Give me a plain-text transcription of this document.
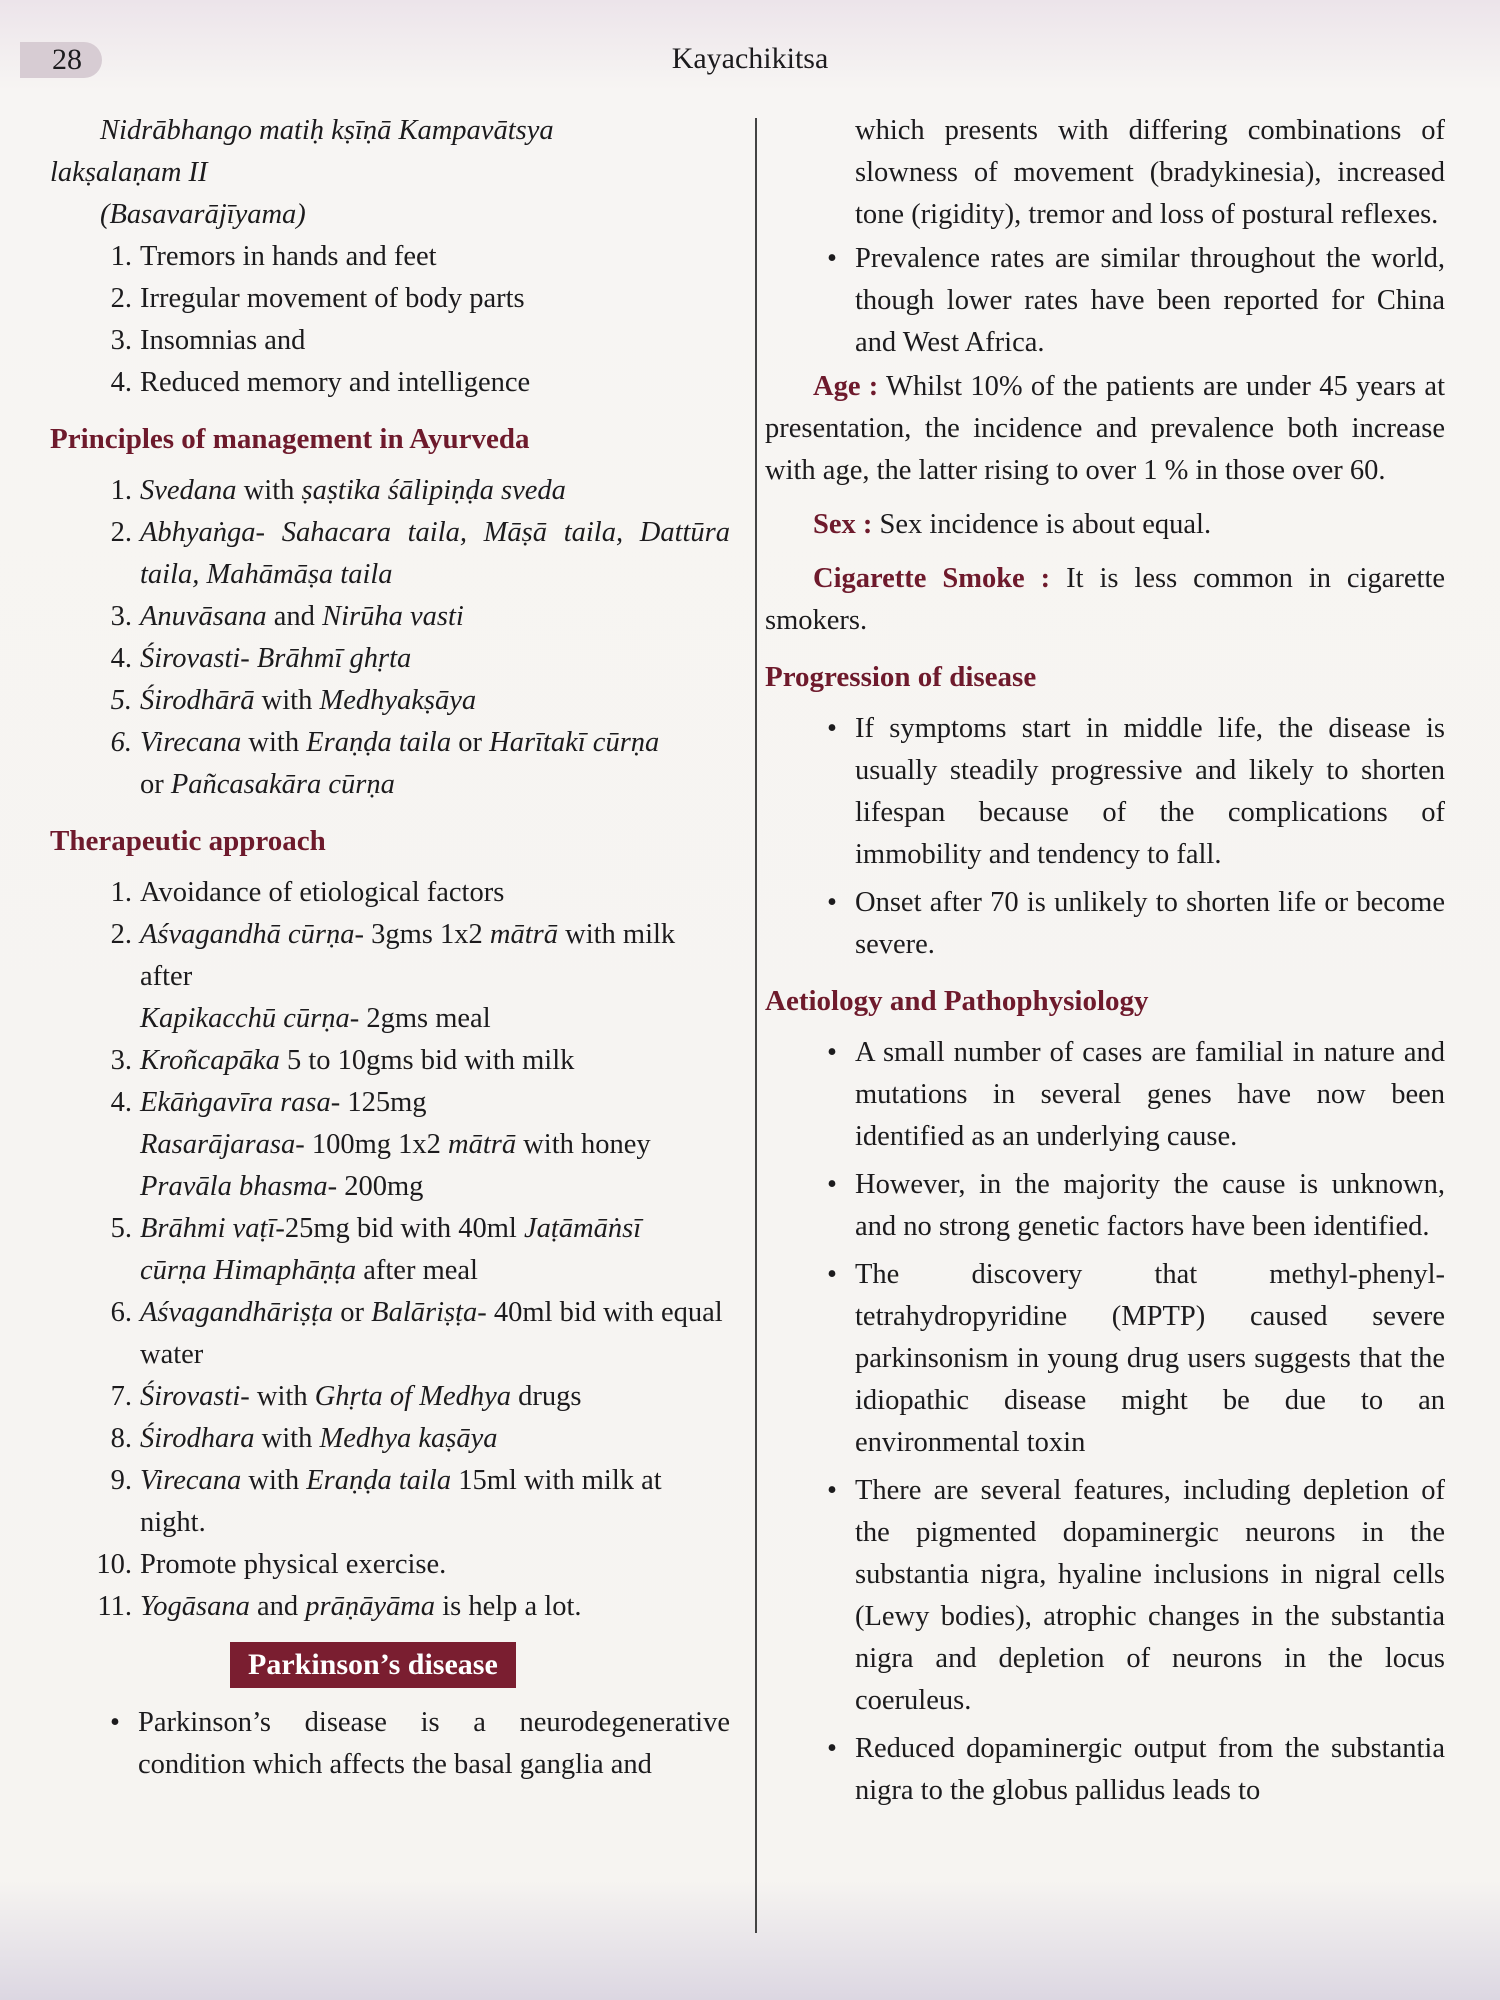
28	Kayachikitsa

Nidrābhango matiḥ kṣīṇā Kampavātsya

lakṣalaṇam II

(Basavarājīyama)

1. Tremors in hands and feet
2. Irregular movement of body parts
3. Insomnias and
4. Reduced memory and intelligence
Principles of management in Ayurveda
1. Svedana with ṣaṣtika śālipiṇḍa sveda
2. Abhyaṅga- Sahacara taila, Māṣā taila, Dattūra taila, Mahāmāṣa taila
3. Anuvāsana and Nirūha vasti
4. Śirovasti- Brāhmī ghṛta
5. Śirodhārā with Medhyakṣāya
6. Virecana with Eraṇḍa taila or Harītakī cūrṇa
or Pañcasakāra cūrṇa
Therapeutic approach
1. Avoidance of etiological factors
2. Aśvagandhā cūrṇa- 3gms 1x2 mātrā with milk after
Kapikacchū cūrṇa- 2gms meal
3. Kroñcapāka 5 to 10gms bid with milk
4. Ekāṅgavīra rasa- 125mg
Rasarājarasa- 100mg 1x2 mātrā with honey
Pravāla bhasma- 200mg
5. Brāhmi vaṭī-25mg bid with 40ml Jaṭāmāṅsī
cūrṇa Himaphāṇṭa after meal
6. Aśvagandhāriṣṭa or Balāriṣṭa- 40ml bid with equal water
7. Śirovasti- with Ghṛta of Medhya drugs
8. Śirodhara with Medhya kaṣāya
9. Virecana with Eraṇḍa taila 15ml with milk at night.
10. Promote physical exercise.
11. Yogāsana and prāṇāyāma is help a lot.
Parkinson’s disease
• Parkinson’s disease is a neurodegenerative condition which affects the basal ganglia and
which presents with differing combinations of slowness of movement (bradykinesia), increased tone (rigidity), tremor and loss of postural reflexes.
• Prevalence rates are similar throughout the world, though lower rates have been reported for China and West Africa.

Age : Whilst 10% of the patients are under 45 years at presentation, the incidence and prevalence both increase with age, the latter rising to over 1 % in those over 60.

Sex : Sex incidence is about equal.

Cigarette Smoke : It is less common in cigarette smokers.

Progression of disease
• If symptoms start in middle life, the disease is usually steadily progressive and likely to shorten lifespan because of the complications of immobility and tendency to fall.
• Onset after 70 is unlikely to shorten life or become severe.
Aetiology and Pathophysiology
• A small number of cases are familial in nature and mutations in several genes have now been identified as an underlying cause.
• However, in the majority the cause is unknown, and no strong genetic factors have been identified.
• The discovery that methyl-phenyl-tetrahydropyridine (MPTP) caused severe parkinsonism in young drug users suggests that the idiopathic disease might be due to an environmental toxin
• There are several features, including depletion of the pigmented dopaminergic neurons in the substantia nigra, hyaline inclusions in nigral cells (Lewy bodies), atrophic changes in the substantia nigra and depletion of neurons in the locus coeruleus.
• Reduced dopaminergic output from the substantia nigra to the globus pallidus leads to
